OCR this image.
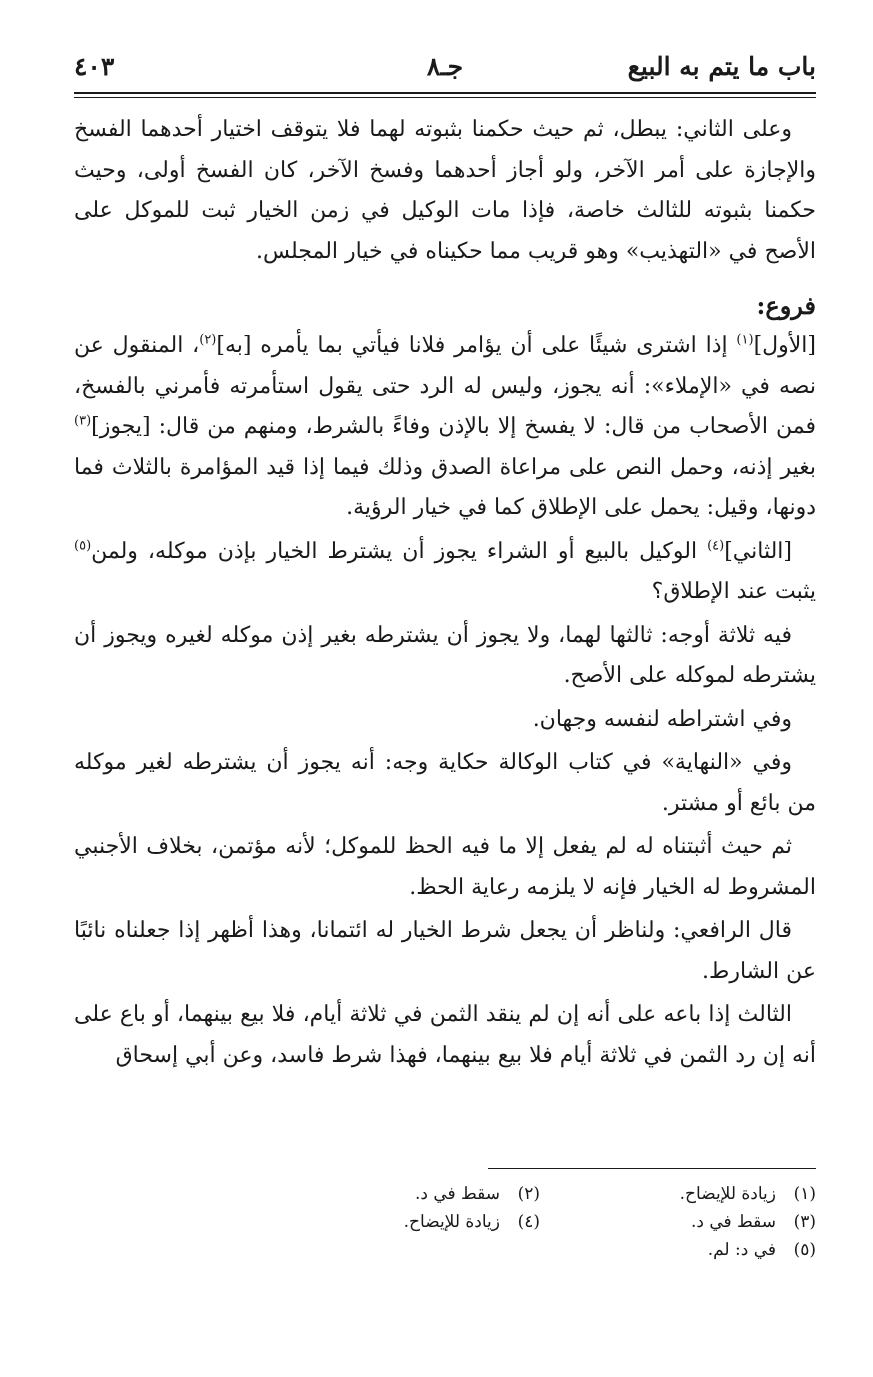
باب ما يتم به البيع
جـ٨
٤٠٣

وعلى الثاني: يبطل، ثم حيث حكمنا بثبوته لهما فلا يتوقف اختيار أحدهما الفسخ والإجازة على أمر الآخر، ولو أجاز أحدهما وفسخ الآخر، كان الفسخ أولى، وحيث حكمنا بثبوته للثالث خاصة، فإذا مات الوكيل في زمن الخيار ثبت للموكل على الأصح في «التهذيب» وهو قريب مما حكيناه في خيار المجلس.

فروع:

[الأول]$^{(١)}$ إذا اشترى شيئًا على أن يؤامر فلانا فيأتي بما يأمره [به]$^{(٢)}$، المنقول عن نصه في «الإملاء»: أنه يجوز، وليس له الرد حتى يقول استأمرته فأمرني بالفسخ، فمن الأصحاب من قال: لا يفسخ إلا بالإذن وفاءً بالشرط، ومنهم من قال: [يجوز]$^{(٣)}$ بغير إذنه، وحمل النص على مراعاة الصدق وذلك فيما إذا قيد المؤامرة بالثلاث فما دونها، وقيل: يحمل على الإطلاق كما في خيار الرؤية.

[الثاني]$^{(٤)}$ الوكيل بالبيع أو الشراء يجوز أن يشترط الخيار بإذن موكله، ولمن$^{(٥)}$ يثبت عند الإطلاق؟

فيه ثلاثة أوجه: ثالثها لهما، ولا يجوز أن يشترطه بغير إذن موكله لغيره ويجوز أن يشترطه لموكله على الأصح.

وفي اشتراطه لنفسه وجهان.

وفي «النهاية» في كتاب الوكالة حكاية وجه: أنه يجوز أن يشترطه لغير موكله من بائع أو مشتر.

ثم حيث أثبتناه له لم يفعل إلا ما فيه الحظ للموكل؛ لأنه مؤتمن، بخلاف الأجنبي المشروط له الخيار فإنه لا يلزمه رعاية الحظ.

قال الرافعي: ولناظر أن يجعل شرط الخيار له ائتمانا، وهذا أظهر إذا جعلناه نائبًا عن الشارط.

الثالث إذا باعه على أنه إن لم ينقد الثمن في ثلاثة أيام، فلا بيع بينهما، أو باع على أنه إن رد الثمن في ثلاثة أيام فلا بيع بينهما، فهذا شرط فاسد، وعن أبي إسحاق

(١)زيادة للإيضاح.
(٣)سقط في د.
(٥)في د: لم.
(٢)سقط في د.
(٤)زيادة للإيضاح.
